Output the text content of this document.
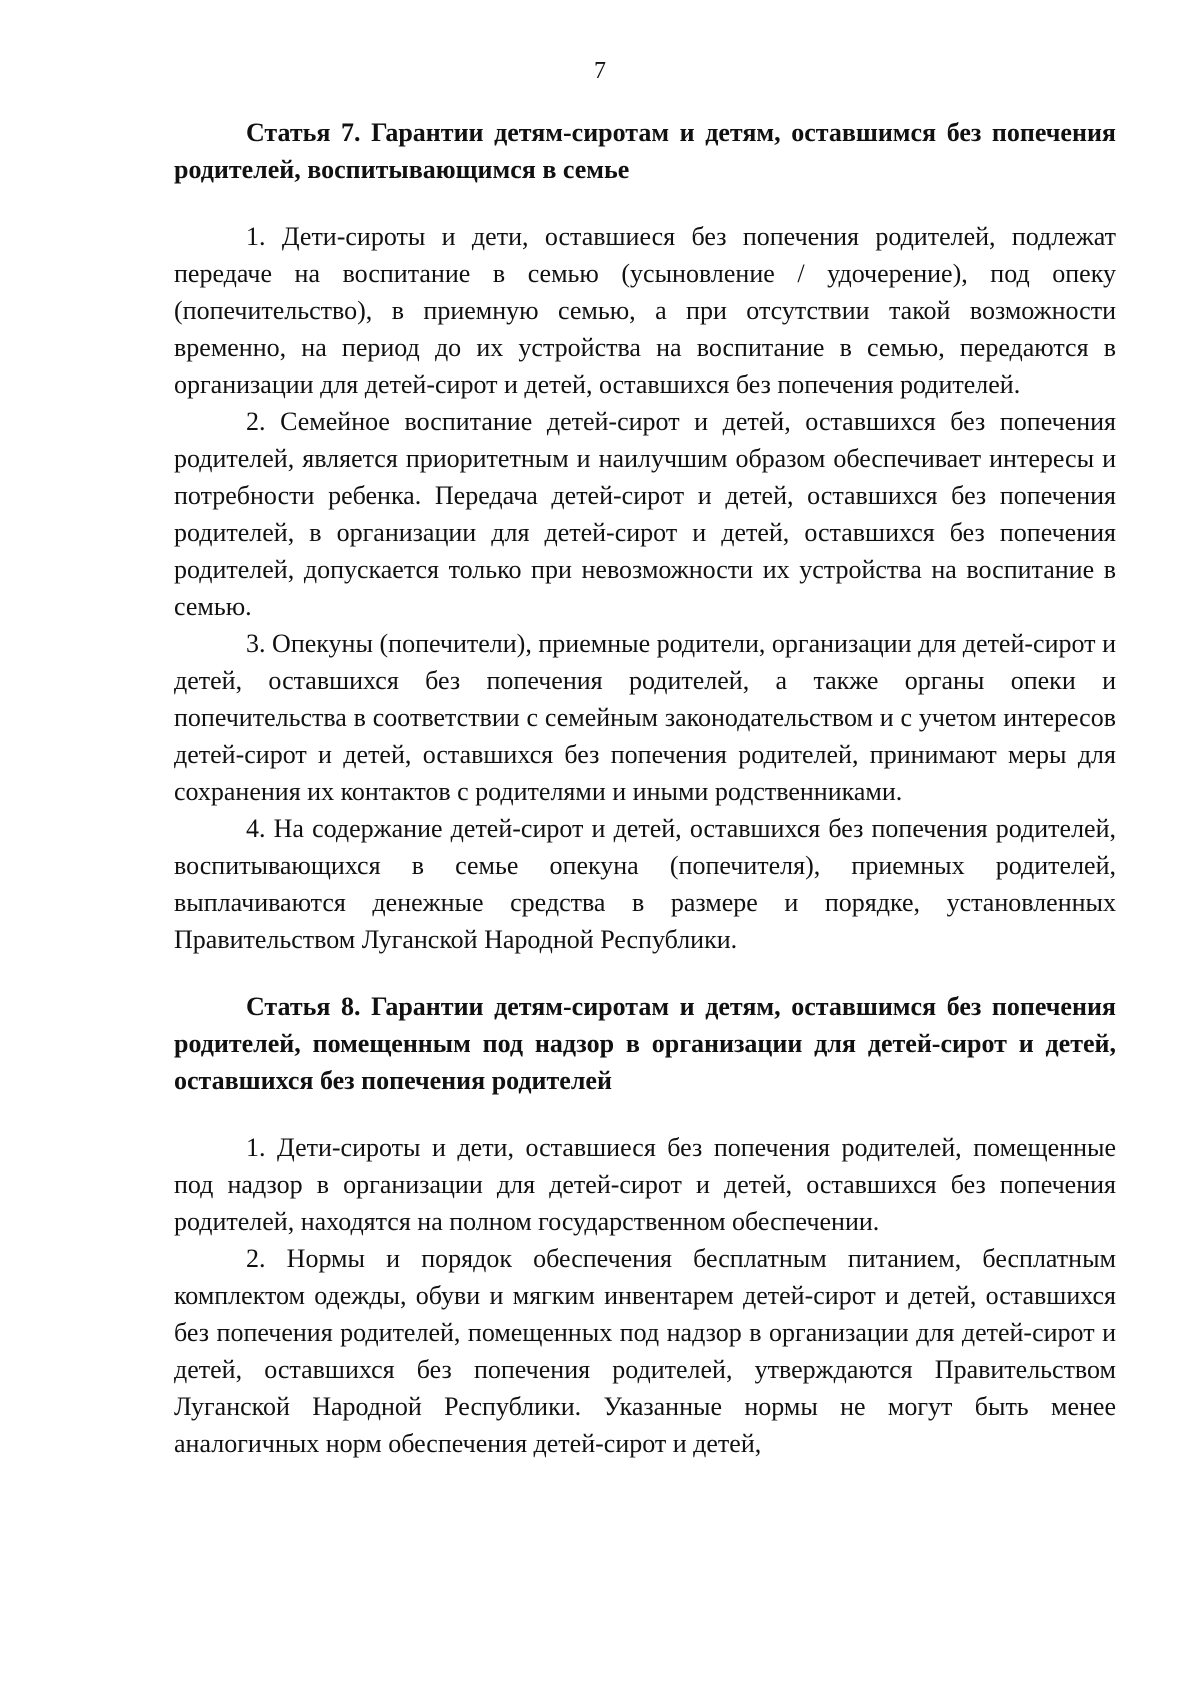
7

Статья 7. Гарантии детям-сиротам и детям, оставшимся без попечения родителей, воспитывающимся в семье

1. Дети-сироты и дети, оставшиеся без попечения родителей, подлежат передаче на воспитание в семью (усыновление / удочерение), под опеку (попечительство), в приемную семью, а при отсутствии такой возможности временно, на период до их устройства на воспитание в семью, передаются в организации для детей-сирот и детей, оставшихся без попечения родителей.

2. Семейное воспитание детей-сирот и детей, оставшихся без попечения родителей, является приоритетным и наилучшим образом обеспечивает интересы и потребности ребенка. Передача детей-сирот и детей, оставшихся без попечения родителей, в организации для детей-сирот и детей, оставшихся без попечения родителей, допускается только при невозможности их устройства на воспитание в семью.

3. Опекуны (попечители), приемные родители, организации для детей-сирот и детей, оставшихся без попечения родителей, а также органы опеки и попечительства в соответствии с семейным законодательством и с учетом интересов детей-сирот и детей, оставшихся без попечения родителей, принимают меры для сохранения их контактов с родителями и иными родственниками.

4. На содержание детей-сирот и детей, оставшихся без попечения родителей, воспитывающихся в семье опекуна (попечителя), приемных родителей, выплачиваются денежные средства в размере и порядке, установленных Правительством Луганской Народной Республики.

Статья 8. Гарантии детям-сиротам и детям, оставшимся без попечения родителей, помещенным под надзор в организации для детей-сирот и детей, оставшихся без попечения родителей

1. Дети-сироты и дети, оставшиеся без попечения родителей, помещенные под надзор в организации для детей-сирот и детей, оставшихся без попечения родителей, находятся на полном государственном обеспечении.

2. Нормы и порядок обеспечения бесплатным питанием, бесплатным комплектом одежды, обуви и мягким инвентарем детей-сирот и детей, оставшихся без попечения родителей, помещенных под надзор в организации для детей-сирот и детей, оставшихся без попечения родителей, утверждаются Правительством Луганской Народной Республики. Указанные нормы не могут быть менее аналогичных норм обеспечения детей-сирот и детей,
